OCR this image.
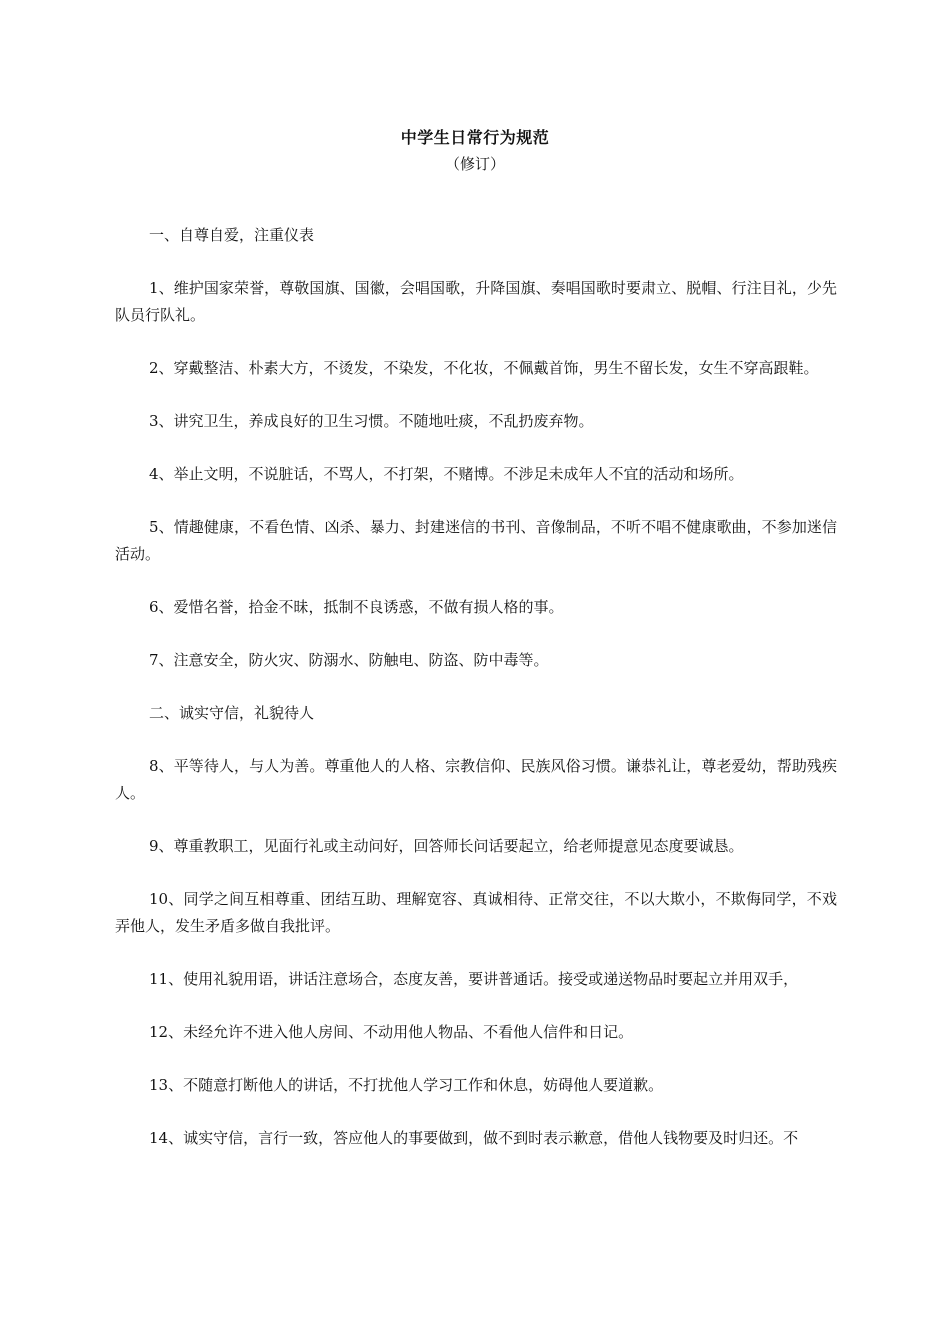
中学生日常行为规范
（修订）

一、自尊自爱，注重仪表

1、维护国家荣誉，尊敬国旗、国徽，会唱国歌，升降国旗、奏唱国歌时要肃立、脱帽、行注目礼，少先队员行队礼。

2、穿戴整洁、朴素大方，不烫发，不染发，不化妆，不佩戴首饰，男生不留长发，女生不穿高跟鞋。

3、讲究卫生，养成良好的卫生习惯。不随地吐痰，不乱扔废弃物。

4、举止文明，不说脏话，不骂人，不打架，不赌博。不涉足未成年人不宜的活动和场所。

5、情趣健康，不看色情、凶杀、暴力、封建迷信的书刊、音像制品，不听不唱不健康歌曲，不参加迷信活动。

6、爱惜名誉，拾金不昧，抵制不良诱惑，不做有损人格的事。

7、注意安全，防火灾、防溺水、防触电、防盗、防中毒等。

二、诚实守信，礼貌待人

8、平等待人，与人为善。尊重他人的人格、宗教信仰、民族风俗习惯。谦恭礼让，尊老爱幼，帮助残疾人。

9、尊重教职工，见面行礼或主动问好，回答师长问话要起立，给老师提意见态度要诚恳。

10、同学之间互相尊重、团结互助、理解宽容、真诚相待、正常交往，不以大欺小，不欺侮同学，不戏弄他人，发生矛盾多做自我批评。

11、使用礼貌用语，讲话注意场合，态度友善，要讲普通话。接受或递送物品时要起立并用双手，

12、未经允许不进入他人房间、不动用他人物品、不看他人信件和日记。

13、不随意打断他人的讲话，不打扰他人学习工作和休息，妨碍他人要道歉。

14、诚实守信，言行一致，答应他人的事要做到，做不到时表示歉意，借他人钱物要及时归还。不
